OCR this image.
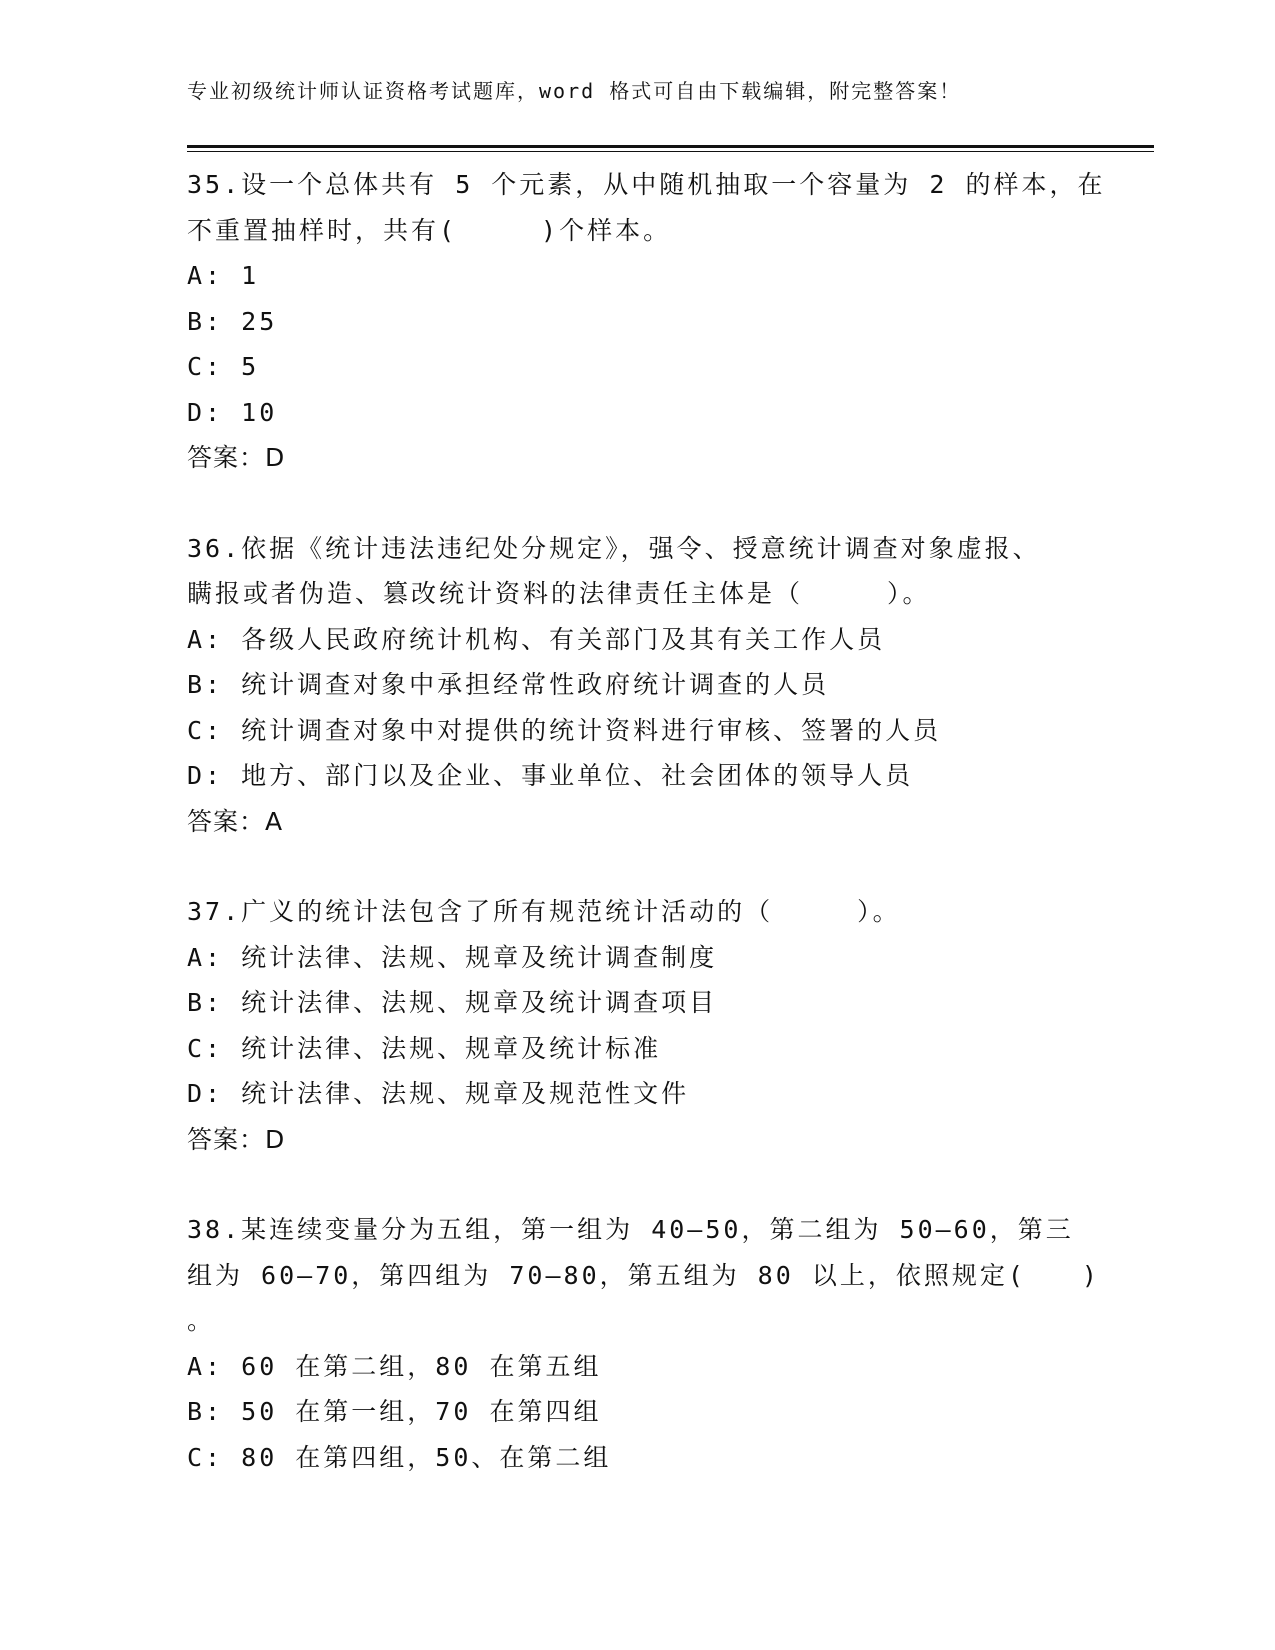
专业初级统计师认证资格考试题库，word 格式可自由下载编辑，附完整答案！
35.设一个总体共有 5 个元素，从中随机抽取一个容量为 2 的样本，在
不重置抽样时，共有(　　　)个样本。
A: 1
B: 25
C: 5
D: 10
答案：D
36.依据《统计违法违纪处分规定》，强令、授意统计调查对象虚报、
瞒报或者伪造、篡改统计资料的法律责任主体是（　　　）。
A: 各级人民政府统计机构、有关部门及其有关工作人员
B: 统计调查对象中承担经常性政府统计调查的人员
C: 统计调查对象中对提供的统计资料进行审核、签署的人员
D: 地方、部门以及企业、事业单位、社会团体的领导人员
答案：A
37.广义的统计法包含了所有规范统计活动的（　　　）。
A: 统计法律、法规、规章及统计调查制度
B: 统计法律、法规、规章及统计调查项目
C: 统计法律、法规、规章及统计标准
D: 统计法律、法规、规章及规范性文件
答案：D
38.某连续变量分为五组，第一组为 40—50，第二组为 50—60，第三
组为 60—70，第四组为 70—80，第五组为 80 以上，依照规定(　　)
。
A: 60 在第二组，80 在第五组
B: 50 在第一组，70 在第四组
C: 80 在第四组，50、在第二组
